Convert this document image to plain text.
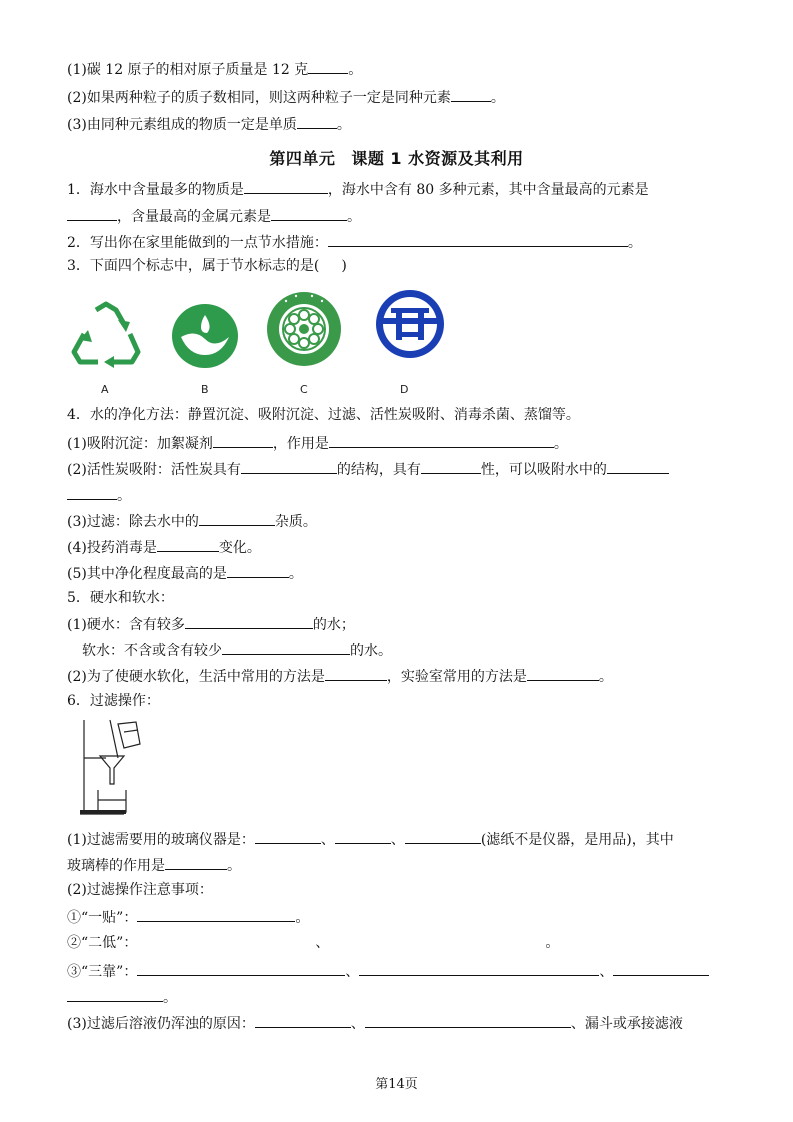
(1)碳 12 原子的相对原子质量是 12 克	。
(2)如果两种粒子的质子数相同，则这两种粒子一定是同种元素	。
(3)由同种元素组成的物质一定是单质	。
第四单元 课题 1 水资源及其利用
1．海水中含量最多的物质是	，海水中含有 80 多种元素，其中含量最高的元素是
，含量最高的金属元素是	。
2．写出你在家里能做到的一点节水措施：	。
3．下面四个标志中，属于节水标志的是( )
A	B	C	D
4．水的净化方法：静置沉淀、吸附沉淀、过滤、活性炭吸附、消毒杀菌、蒸馏等。
(1)吸附沉淀：加絮凝剂	，作用是	。
(2)活性炭吸附：活性炭具有	的结构，具有	性，可以吸附水中的
。
(3)过滤：除去水中的	杂质。
(4)投药消毒是	变化。
(5)其中净化程度最高的是	。
5．硬水和软水：
(1)硬水：含有较多	的水；
软水：不含或含有较少	的水。
(2)为了使硬水软化，生活中常用的方法是	，实验室常用的方法是	。
6．过滤操作：
(1)过滤需要用的玻璃仪器是：	、	、	(滤纸不是仪器，是用品)，其中
玻璃棒的作用是	。
(2)过滤操作注意事项：
①“一贴”：	。
②“二低”：	、	。
③“三靠”：	、	、
。
(3)过滤后溶液仍浑浊的原因：	、	、漏斗或承接滤液
第14页
